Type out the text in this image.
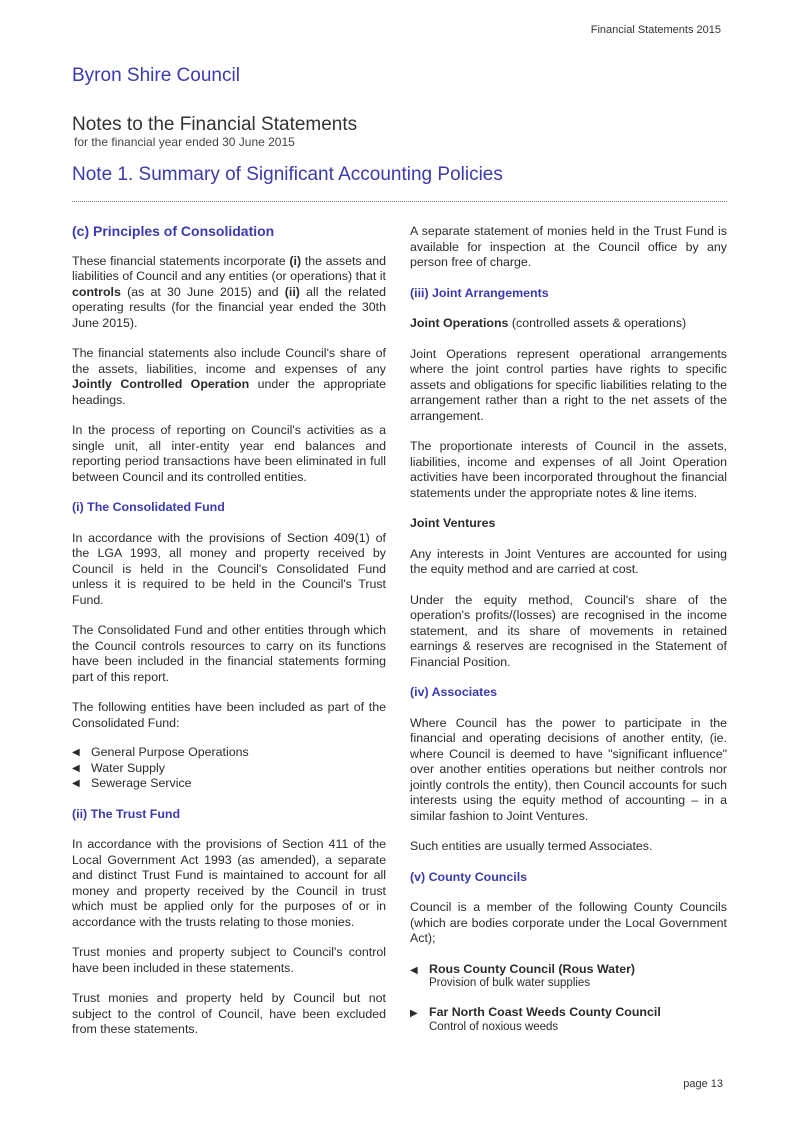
Financial Statements 2015
Byron Shire Council
Notes to the Financial Statements
for the financial year ended 30 June 2015
Note 1. Summary of Significant Accounting Policies
(c) Principles of Consolidation

These financial statements incorporate (i) the assets and liabilities of Council and any entities (or operations) that it controls (as at 30 June 2015) and (ii) all the related operating results (for the financial year ended the 30th June 2015).

The financial statements also include Council's share of the assets, liabilities, income and expenses of any Jointly Controlled Operation under the appropriate headings.

In the process of reporting on Council's activities as a single unit, all inter-entity year end balances and reporting period transactions have been eliminated in full between Council and its controlled entities.

(i) The Consolidated Fund

In accordance with the provisions of Section 409(1) of the LGA 1993, all money and property received by Council is held in the Council's Consolidated Fund unless it is required to be held in the Council's Trust Fund.

The Consolidated Fund and other entities through which the Council controls resources to carry on its functions have been included in the financial statements forming part of this report.

The following entities have been included as part of the Consolidated Fund:

◀ General Purpose Operations
◀ Water Supply
◀ Sewerage Service
(ii) The Trust Fund

In accordance with the provisions of Section 411 of the Local Government Act 1993 (as amended), a separate and distinct Trust Fund is maintained to account for all money and property received by the Council in trust which must be applied only for the purposes of or in accordance with the trusts relating to those monies.

Trust monies and property subject to Council's control have been included in these statements.

Trust monies and property held by Council but not subject to the control of Council, have been excluded from these statements.

A separate statement of monies held in the Trust Fund is available for inspection at the Council office by any person free of charge.

(iii) Joint Arrangements
Joint Operations (controlled assets & operations)

Joint Operations represent operational arrangements where the joint control parties have rights to specific assets and obligations for specific liabilities relating to the arrangement rather than a right to the net assets of the arrangement.

The proportionate interests of Council in the assets, liabilities, income and expenses of all Joint Operation activities have been incorporated throughout the financial statements under the appropriate notes & line items.

Joint Ventures

Any interests in Joint Ventures are accounted for using the equity method and are carried at cost.

Under the equity method, Council's share of the operation's profits/(losses) are recognised in the income statement, and its share of movements in retained earnings & reserves are recognised in the Statement of Financial Position.

(iv) Associates

Where Council has the power to participate in the financial and operating decisions of another entity, (ie. where Council is deemed to have "significant influence" over another entities operations but neither controls nor jointly controls the entity), then Council accounts for such interests using the equity method of accounting – in a similar fashion to Joint Ventures.

Such entities are usually termed Associates.

(v) County Councils

Council is a member of the following County Councils (which are bodies corporate under the Local Government Act);

◀ Rous County Council (Rous Water)
Provision of bulk water supplies
▶ Far North Coast Weeds County Council
Control of noxious weeds
page 13
